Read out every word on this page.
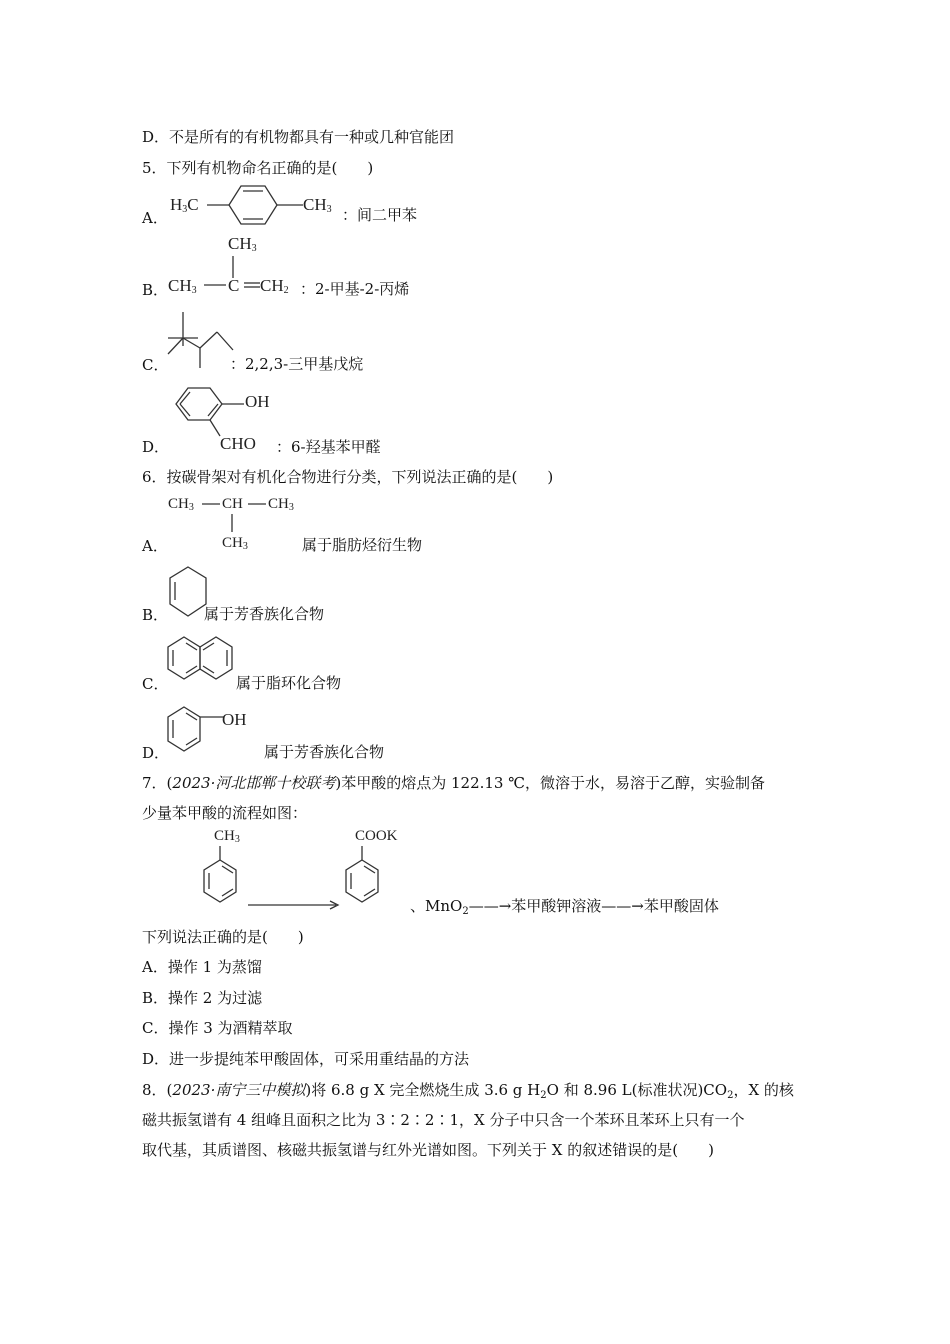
D．不是所有的有机物都具有一种或几种官能团
5．下列有机物命名正确的是(　　)
A．
$H_3C$	$CH_3$ ：间二甲苯
$CH_3$
B． $CH_3$ C $CH_2$ ：2-甲基-2-丙烯
C．	：2,2,3-三甲基戊烷
OH
CHO
D．	：6-羟基苯甲醛
6．按碳骨架对有机化合物进行分类，下列说法正确的是(　　)
$CH_3$ CH $CH_3$
$CH_3$
A．	属于脂肪烃衍生物
B． 属于芳香族化合物
C．	属于脂环化合物
OH
D．	属于芳香族化合物
7．(2023·河北邯郸十校联考)苯甲酸的熔点为 122.13 ℃，微溶于水，易溶于乙醇，实验制备
少量苯甲酸的流程如图：
$CH_3$	COOK
、MnO$_2$——→苯甲酸钾溶液——→苯甲酸固体
下列说法正确的是(　　)
A．操作 1 为蒸馏
B．操作 2 为过滤
C．操作 3 为酒精萃取
D．进一步提纯苯甲酸固体，可采用重结晶的方法
8．(2023·南宁三中模拟)将 6.8 g X 完全燃烧生成 3.6 g $H_2O$ 和 8.96 L(标准状况)$CO_2$，X 的核
磁共振氢谱有 4 组峰且面积之比为 3∶2∶2∶1，X 分子中只含一个苯环且苯环上只有一个
取代基，其质谱图、核磁共振氢谱与红外光谱如图。下列关于 X 的叙述错误的是(　　)
